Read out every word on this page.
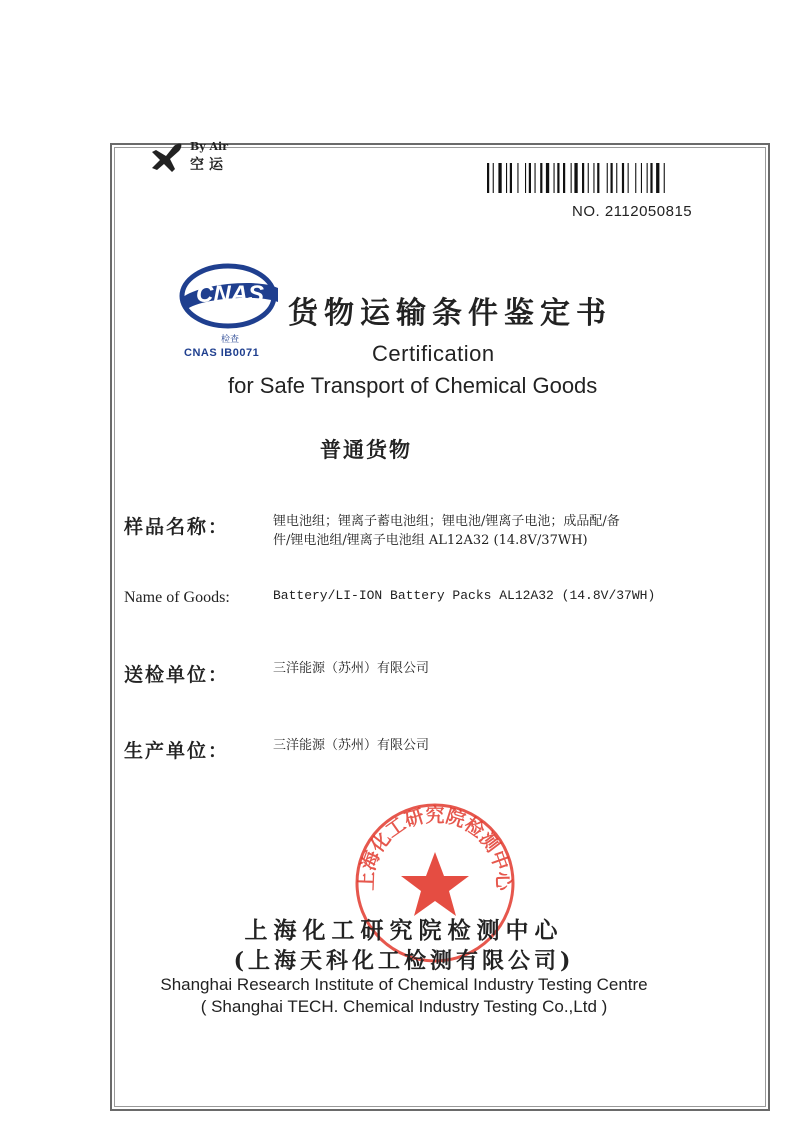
By Air
空运
NO. 2112050815
CNAS
检查
CNAS IB0071
货物运输条件鉴定书
Certification
for Safe Transport of Chemical Goods
普通货物
样品名称：	锂电池组；锂离子蓄电池组；锂电池/锂离子电池；成品配/备
件/锂电池组/锂离子电池组 AL12A32 (14.8V/37WH)
Name of Goods:	Battery/LI-ION Battery Packs AL12A32 (14.8V/37WH)
送检单位：	三洋能源（苏州）有限公司
生产单位：	三洋能源（苏州）有限公司
上海化工研究院检测中心
上海化工研究院检测中心
(上海天科化工检测有限公司)
Shanghai Research Institute of Chemical Industry Testing Centre
( Shanghai TECH. Chemical Industry Testing Co.,Ltd )
